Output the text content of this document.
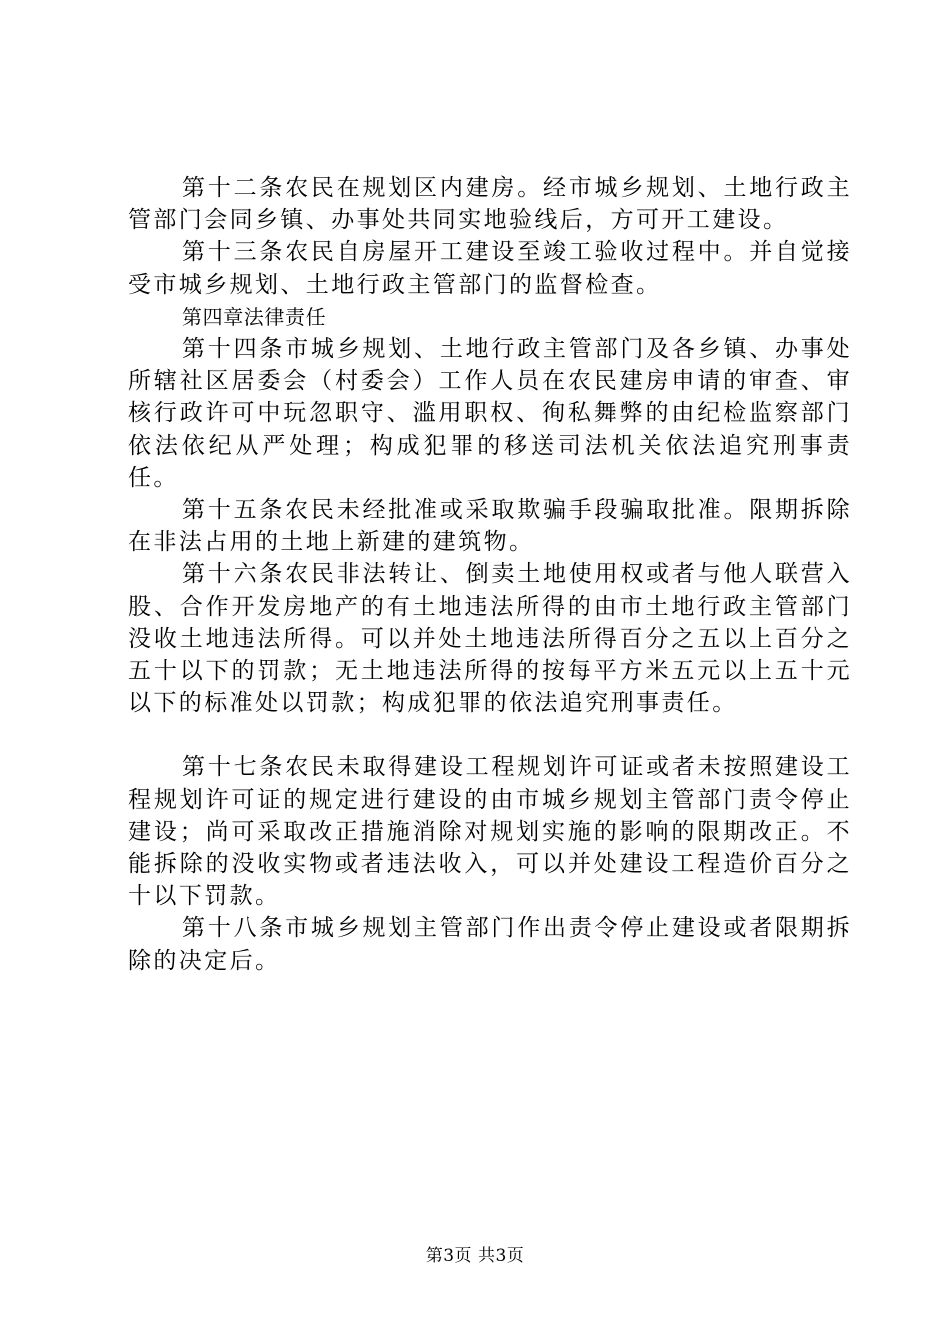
第十二条农民在规划区内建房。经市城乡规划、土地行政主管部门会同乡镇、办事处共同实地验线后，方可开工建设。

第十三条农民自房屋开工建设至竣工验收过程中。并自觉接受市城乡规划、土地行政主管部门的监督检查。

第四章法律责任

第十四条市城乡规划、土地行政主管部门及各乡镇、办事处所辖社区居委会（村委会）工作人员在农民建房申请的审查、审核行政许可中玩忽职守、滥用职权、徇私舞弊的由纪检监察部门依法依纪从严处理；构成犯罪的移送司法机关依法追究刑事责任。

第十五条农民未经批准或采取欺骗手段骗取批准。限期拆除在非法占用的土地上新建的建筑物。

第十六条农民非法转让、倒卖土地使用权或者与他人联营入股、合作开发房地产的有土地违法所得的由市土地行政主管部门没收土地违法所得。可以并处土地违法所得百分之五以上百分之五十以下的罚款；无土地违法所得的按每平方米五元以上五十元以下的标准处以罚款；构成犯罪的依法追究刑事责任。

第十七条农民未取得建设工程规划许可证或者未按照建设工程规划许可证的规定进行建设的由市城乡规划主管部门责令停止建设；尚可采取改正措施消除对规划实施的影响的限期改正。不能拆除的没收实物或者违法收入，可以并处建设工程造价百分之十以下罚款。

第十八条市城乡规划主管部门作出责令停止建设或者限期拆除的决定后。

第3页 共3页
